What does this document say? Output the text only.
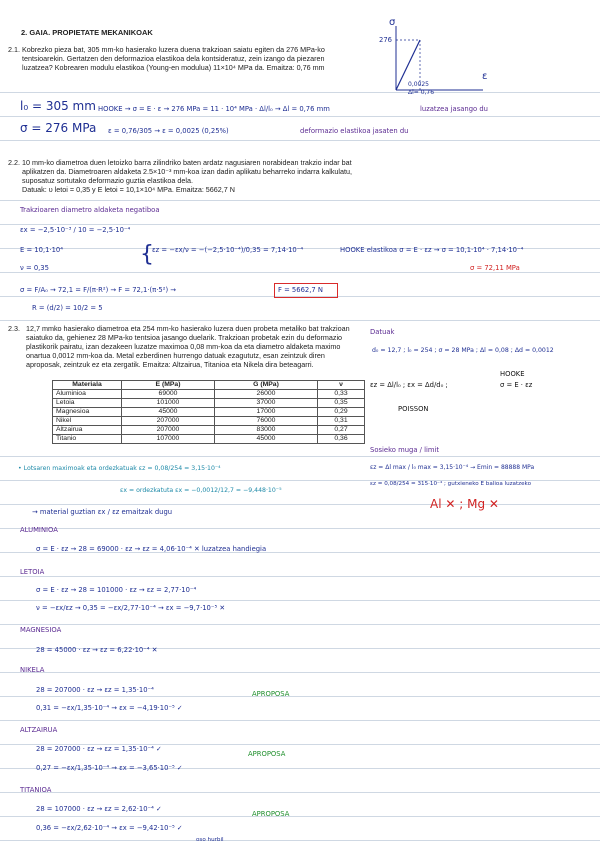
2. GAIA. PROPIETATE MEKANIKOAK
2.1. Kobrezko pieza bat, 305 mm-ko hasierako luzera duena trakzioan saiatu egiten da 276 MPa-ko tentsioarekin. Gertatzen den deformazioa elastikoa dela kontsideratuz, zein izango da piezaren luzatzea? Kobrearen modulu elastikoa (Young-en modulua) 11×10⁴ MPa da. Emaitza: 0,76 mm
σ
276
ε
0,0025
Δl= 0,76
l₀ = 305 mm HOOKE → σ = E · ε → 276 MPa = 11 · 10⁴ MPa · Δl/l₀ → Δl = 0,76 mm	luzatzea jasango du
σ = 276 MPa ε = 0,76/305 → ε = 0,0025 (0,25%)	deformazio elastikoa jasaten du
2.2. 10 mm-ko diametroa duen letoizko barra zilindriko baten ardatz nagusiaren norabidean trakzio indar bat aplikatzen da. Diametroaren aldaketa 2.5×10⁻³ mm-koa izan dadin aplikatu beharreko indarra kalkulatu, suposatuz sortutako deformazio guztia elastikoa dela.
Datuak: υ letoi = 0,35 y E letoi = 10,1×10⁴ MPa. Emaitza: 5662,7 N
Trakzioaren diametro aldaketa negatiboa
εx = −2,5·10⁻³ / 10 = −2,5·10⁻⁴
E = 10,1·10⁴
ν = 0,35
{
εz = −εx/ν = −(−2,5·10⁻⁴)/0,35 = 7,14·10⁻⁴	HOOKE elastikoa σ = E · εz → σ = 10,1·10⁴ · 7,14·10⁻⁴
σ = 72,11 MPa
σ = F/A₀ → 72,1 = F/(π·R²) → F = 72,1·(π·5²) →	F = 5662,7 N
R = (d/2) = 10/2 = 5
2.3. 12,7 mmko hasierako diametroa eta 254 mm-ko hasierako luzera duen probeta metaliko bat trakzioan saiatuko da, gehienez 28 MPa-ko tentsioa jasango duelarik. Trakzioan probetak ezin du deformazio plastikorik pairatu, izan dezakeen luzatze maximoa 0,08 mm-koa da eta diametro aldaketa maximo onartua 0,0012 mm-koa da. Metal ezberdinen hurrengo datuak ezagututz, esan zeintzuk diren aproposak, zeintzuk ez eta zergatik. Emaitza: Altzairua, Titanioa eta Nikela dira beteagarri.
Materiala	E (MPa)	G (MPa)	ν
Aluminioa	69000	26000	0,33
Letoia	101000	37000	0,35
Magnesioa	45000	17000	0,29
Nikel	207000	76000	0,31
Altzairua	207000	83000	0,27
Titanio	107000	45000	0,36
Datuak
d₀ = 12,7 ; l₀ = 254 ; σ = 28 MPa ; Δl = 0,08 ; Δd = 0,0012
HOOKE
εz = Δl/l₀ ; εx = Δd/d₀ ;	σ = E · εz
POISSON
Sosieko muga / limit
εz = Δl max / l₀ max = 3,15·10⁻⁴ → Emin = 88888 MPa
εz = 0,08/254 = 315·10⁻⁴ ; gutxieneko E balioa luzatzeko
Al ✕ ; Mg ✕
• Lotsaren maximoak eta ordezkatuak εz = 0,08/254 = 3,15·10⁻⁴
εx = ordezkatuta εx = −0,0012/12,7 = −9,448·10⁻⁵
→ material guztian εx / εz emaitzak dugu
ALUMINIOA
σ = E · εz → 28 = 69000 · εz → εz = 4,06·10⁻⁴ ✕ luzatzea handiegia
LETOIA
σ = E · εz → 28 = 101000 · εz → εz = 2,77·10⁻⁴
ν = −εx/εz → 0,35 = −εx/2,77·10⁻⁴ → εx = −9,7·10⁻⁵ ✕
MAGNESIOA
28 = 45000 · εz → εz = 6,22·10⁻⁴ ✕
NIKELA
28 = 207000 · εz → εz = 1,35·10⁻⁴
0,31 = −εx/1,35·10⁻⁴ → εx = −4,19·10⁻⁵ ✓
APROPOSA
ALTZAIRUA
28 = 207000 · εz → εz = 1,35·10⁻⁴ ✓
0,27 = −εx/1,35·10⁻⁴ → εx = −3,65·10⁻⁵ ✓
APROPOSA
TITANIOA
28 = 107000 · εz → εz = 2,62·10⁻⁴ ✓
0,36 = −εx/2,62·10⁻⁴ → εx = −9,42·10⁻⁵ ✓
APROPOSA
oso hurbil
